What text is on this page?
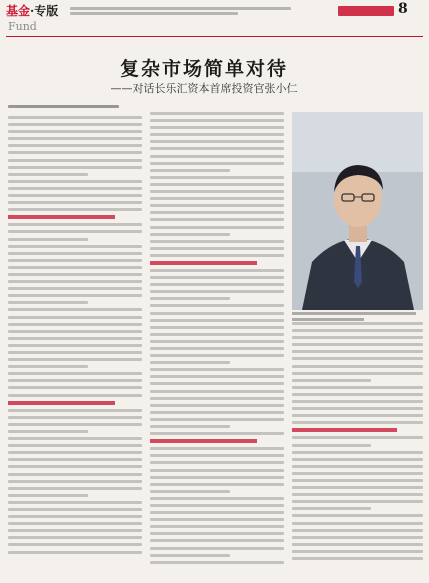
基金·专版
Fund
8
复杂市场简单对待
——对话长乐汇资本首席投资官张小仁
